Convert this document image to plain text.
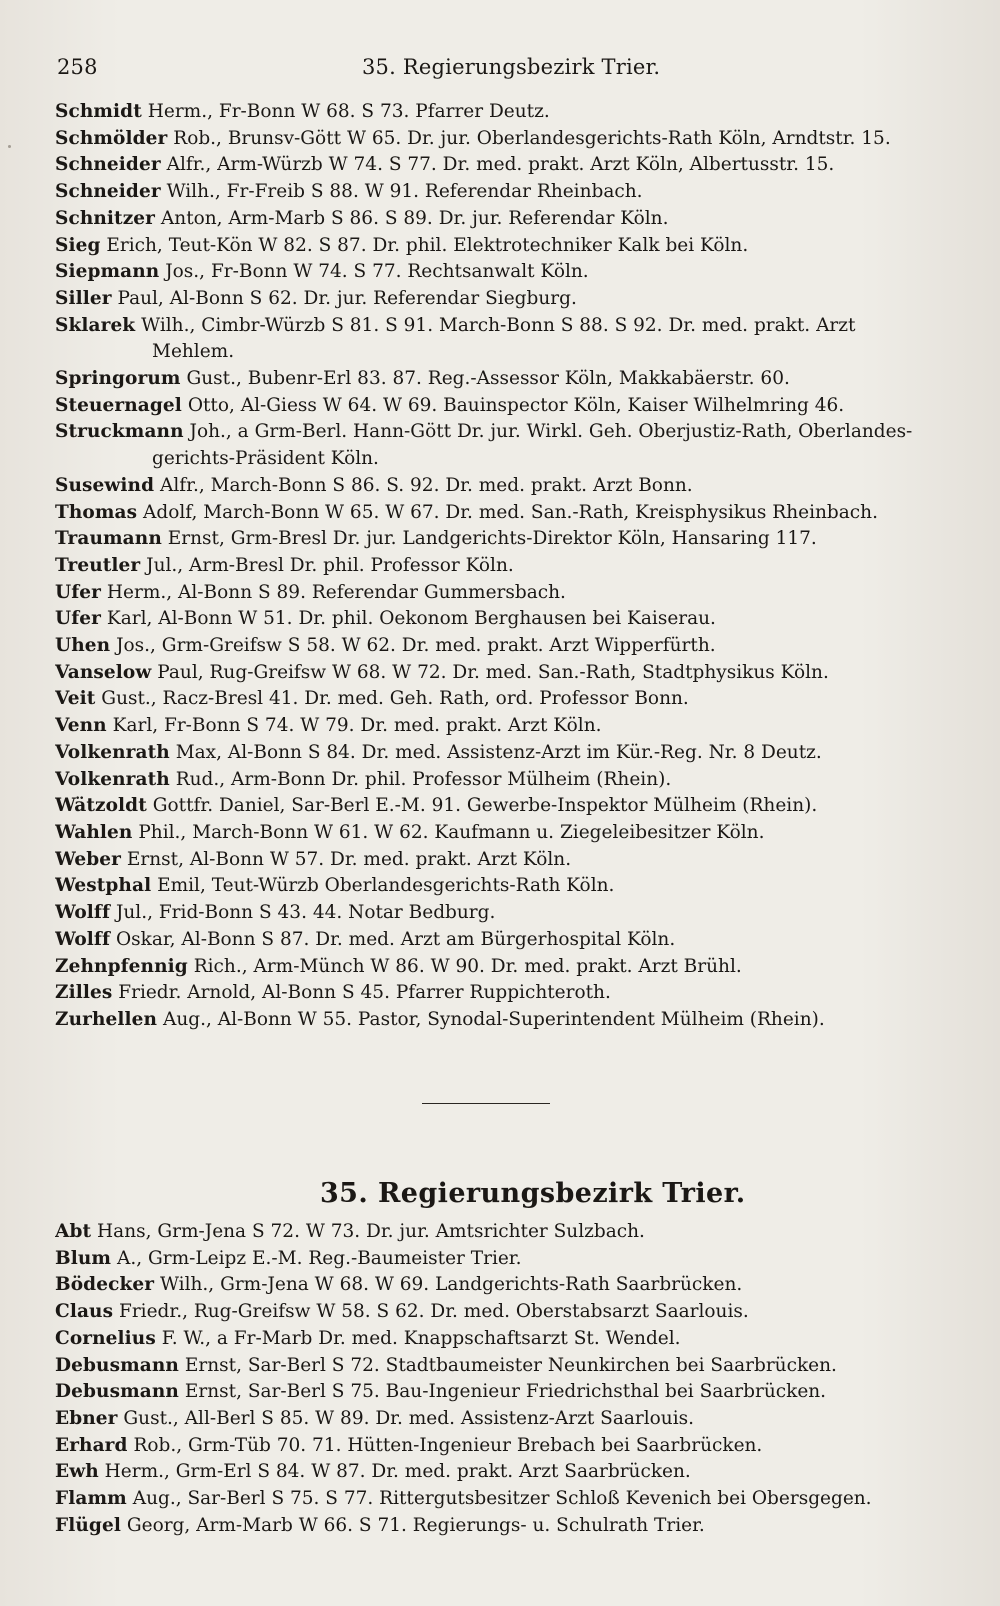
258	35. Regierungsbezirk Trier.
Schmidt Herm., Fr-Bonn W 68. S 73. Pfarrer Deutz.
Schmölder Rob., Brunsv-Gött W 65. Dr. jur. Oberlandesgerichts-Rath Köln, Arndtstr. 15.
Schneider Alfr., Arm-Würzb W 74. S 77. Dr. med. prakt. Arzt Köln, Albertusstr. 15.
Schneider Wilh., Fr-Freib S 88. W 91. Referendar Rheinbach.
Schnitzer Anton, Arm-Marb S 86. S 89. Dr. jur. Referendar Köln.
Sieg Erich, Teut-Kön W 82. S 87. Dr. phil. Elektrotechniker Kalk bei Köln.
Siepmann Jos., Fr-Bonn W 74. S 77. Rechtsanwalt Köln.
Siller Paul, Al-Bonn S 62. Dr. jur. Referendar Siegburg.
Sklarek Wilh., Cimbr-Würzb S 81. S 91. March-Bonn S 88. S 92. Dr. med. prakt. Arzt
Mehlem.
Springorum Gust., Bubenr-Erl 83. 87. Reg.-Assessor Köln, Makkabäerstr. 60.
Steuernagel Otto, Al-Giess W 64. W 69. Bauinspector Köln, Kaiser Wilhelmring 46.
Struckmann Joh., a Grm-Berl. Hann-Gött Dr. jur. Wirkl. Geh. Oberjustiz-Rath, Oberlandes-
gerichts-Präsident Köln.
Susewind Alfr., March-Bonn S 86. S. 92. Dr. med. prakt. Arzt Bonn.
Thomas Adolf, March-Bonn W 65. W 67. Dr. med. San.-Rath, Kreisphysikus Rheinbach.
Traumann Ernst, Grm-Bresl Dr. jur. Landgerichts-Direktor Köln, Hansaring 117.
Treutler Jul., Arm-Bresl Dr. phil. Professor Köln.
Ufer Herm., Al-Bonn S 89. Referendar Gummersbach.
Ufer Karl, Al-Bonn W 51. Dr. phil. Oekonom Berghausen bei Kaiserau.
Uhen Jos., Grm-Greifsw S 58. W 62. Dr. med. prakt. Arzt Wipperfürth.
Vanselow Paul, Rug-Greifsw W 68. W 72. Dr. med. San.-Rath, Stadtphysikus Köln.
Veit Gust., Racz-Bresl 41. Dr. med. Geh. Rath, ord. Professor Bonn.
Venn Karl, Fr-Bonn S 74. W 79. Dr. med. prakt. Arzt Köln.
Volkenrath Max, Al-Bonn S 84. Dr. med. Assistenz-Arzt im Kür.-Reg. Nr. 8 Deutz.
Volkenrath Rud., Arm-Bonn Dr. phil. Professor Mülheim (Rhein).
Wätzoldt Gottfr. Daniel, Sar-Berl E.-M. 91. Gewerbe-Inspektor Mülheim (Rhein).
Wahlen Phil., March-Bonn W 61. W 62. Kaufmann u. Ziegeleibesitzer Köln.
Weber Ernst, Al-Bonn W 57. Dr. med. prakt. Arzt Köln.
Westphal Emil, Teut-Würzb Oberlandesgerichts-Rath Köln.
Wolff Jul., Frid-Bonn S 43. 44. Notar Bedburg.
Wolff Oskar, Al-Bonn S 87. Dr. med. Arzt am Bürgerhospital Köln.
Zehnpfennig Rich., Arm-Münch W 86. W 90. Dr. med. prakt. Arzt Brühl.
Zilles Friedr. Arnold, Al-Bonn S 45. Pfarrer Ruppichteroth.
Zurhellen Aug., Al-Bonn W 55. Pastor, Synodal-Superintendent Mülheim (Rhein).
35. Regierungsbezirk Trier.
Abt Hans, Grm-Jena S 72. W 73. Dr. jur. Amtsrichter Sulzbach.
Blum A., Grm-Leipz E.-M. Reg.-Baumeister Trier.
Bödecker Wilh., Grm-Jena W 68. W 69. Landgerichts-Rath Saarbrücken.
Claus Friedr., Rug-Greifsw W 58. S 62. Dr. med. Oberstabsarzt Saarlouis.
Cornelius F. W., a Fr-Marb Dr. med. Knappschaftsarzt St. Wendel.
Debusmann Ernst, Sar-Berl S 72. Stadtbaumeister Neunkirchen bei Saarbrücken.
Debusmann Ernst, Sar-Berl S 75. Bau-Ingenieur Friedrichsthal bei Saarbrücken.
Ebner Gust., All-Berl S 85. W 89. Dr. med. Assistenz-Arzt Saarlouis.
Erhard Rob., Grm-Tüb 70. 71. Hütten-Ingenieur Brebach bei Saarbrücken.
Ewh Herm., Grm-Erl S 84. W 87. Dr. med. prakt. Arzt Saarbrücken.
Flamm Aug., Sar-Berl S 75. S 77. Rittergutsbesitzer Schloß Kevenich bei Obersgegen.
Flügel Georg, Arm-Marb W 66. S 71. Regierungs- u. Schulrath Trier.
